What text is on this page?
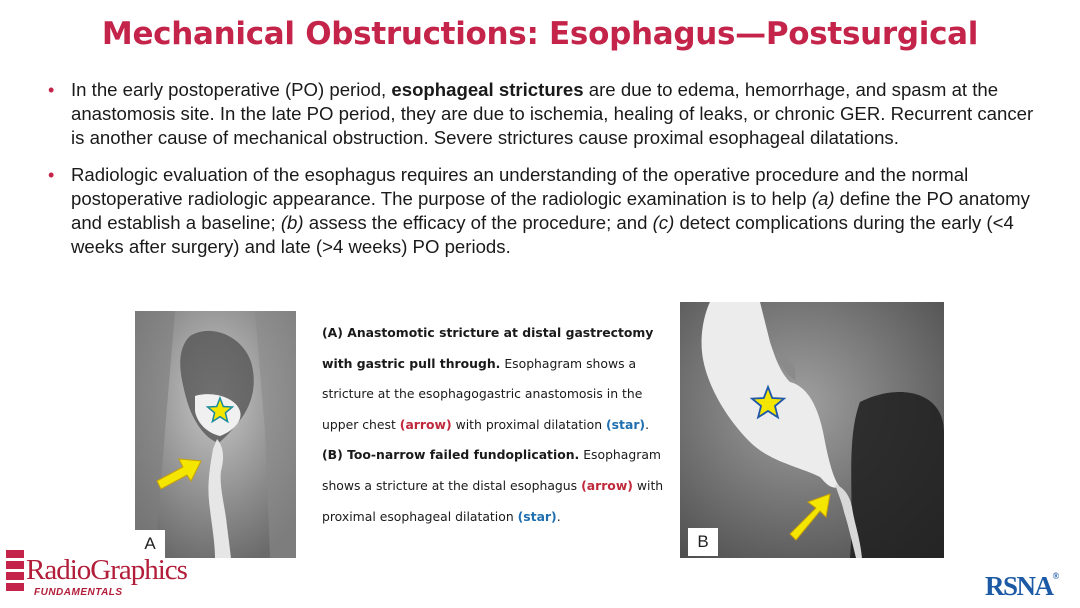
Mechanical Obstructions: Esophagus—Postsurgical
• In the early postoperative (PO) period, esophageal strictures are due to edema, hemorrhage, and spasm at the anastomosis site. In the late PO period, they are due to ischemia, healing of leaks, or chronic GER. Recurrent cancer is another cause of mechanical obstruction. Severe strictures cause proximal esophageal dilatations.
• Radiologic evaluation of the esophagus requires an understanding of the operative procedure and the normal postoperative radiologic appearance. The purpose of the radiologic examination is to help (a) define the PO anatomy and establish a baseline; (b) assess the efficacy of the procedure; and (c) detect complications during the early (<4 weeks after surgery) and late (>4 weeks) PO periods.
A	B
(A) Anastomotic stricture at distal gastrectomy with gastric pull through. Esophagram shows a stricture at the esophagogastric anastomosis in the upper chest (arrow) with proximal dilatation (star).
(B) Too-narrow failed fundoplication. Esophagram shows a stricture at the distal esophagus (arrow) with proximal esophageal dilatation (star).
RadioGraphics
FUNDAMENTALS	RSNA®
